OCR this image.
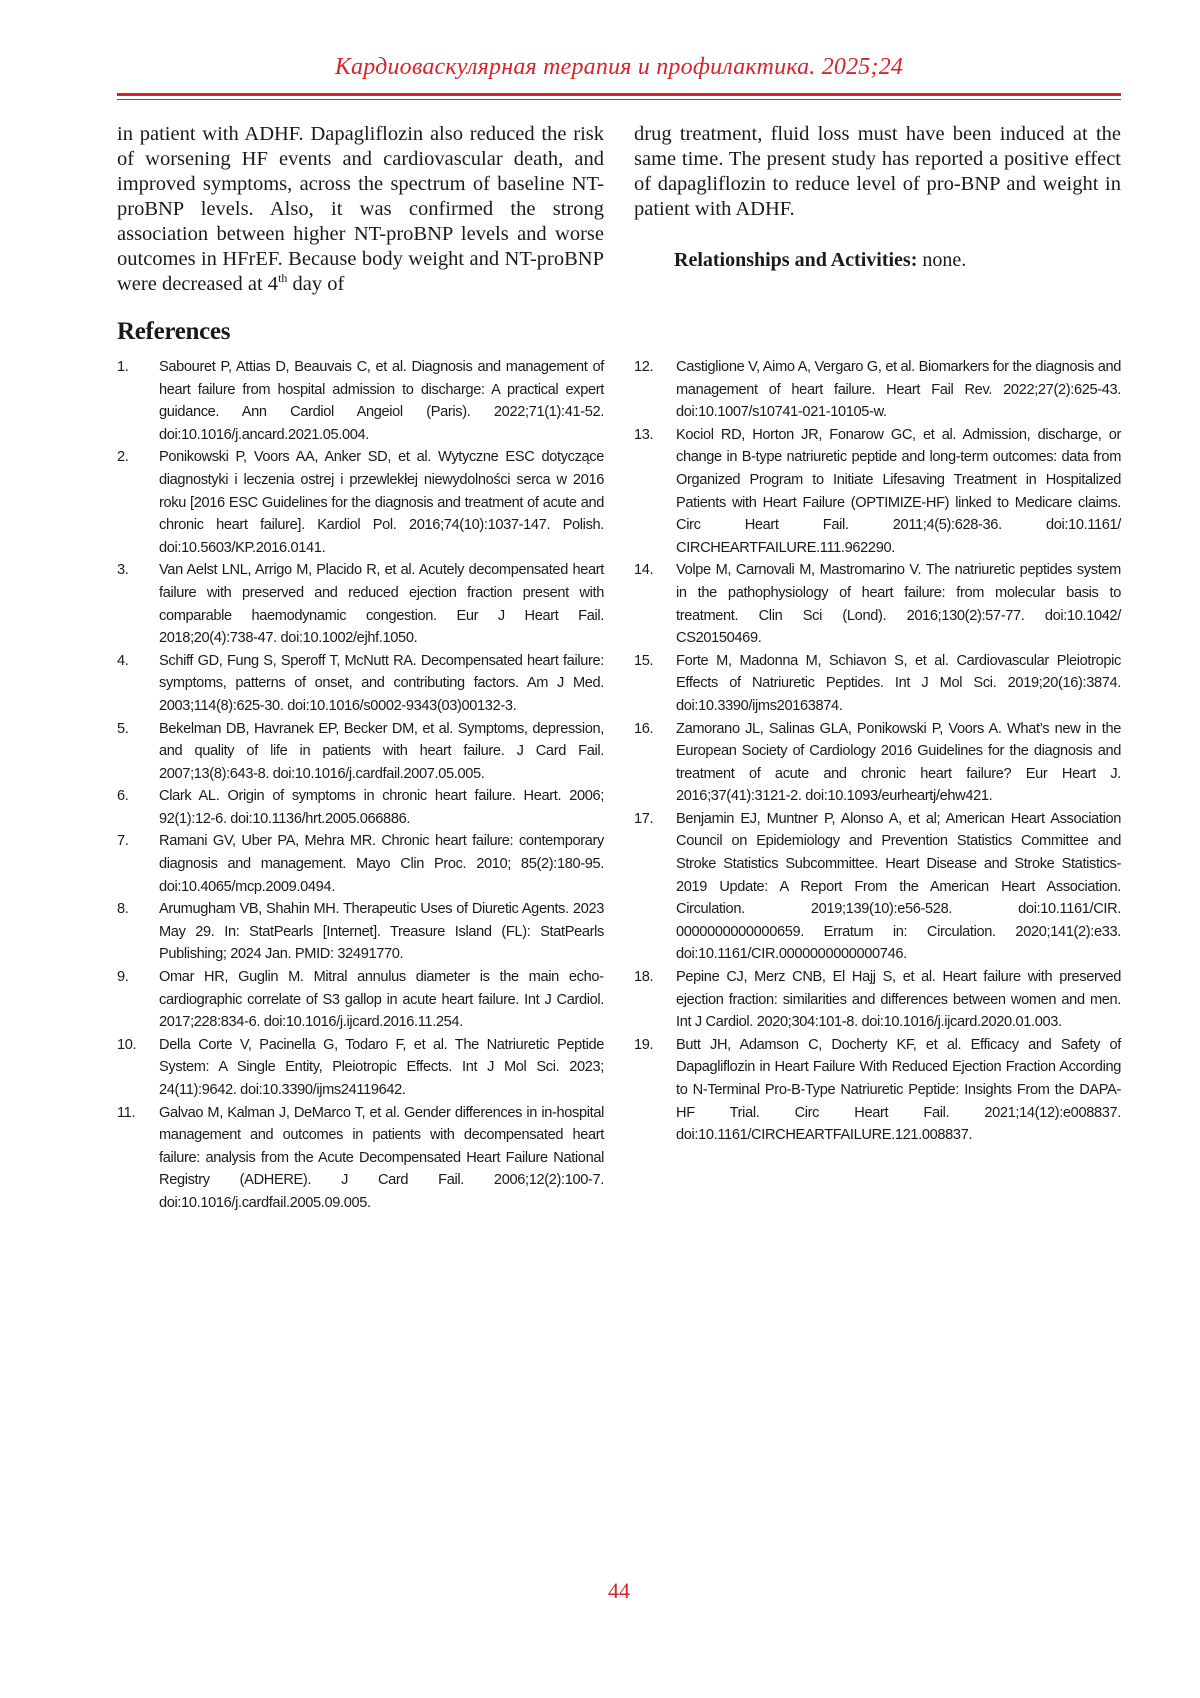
Кардиоваскулярная терапия и профилактика. 2025;24

in patient with ADHF. Dapagliflozin also reduced the risk of worsening HF events and cardiovascular death, and improved symptoms, across the spectrum of baseline NT-proBNP levels. Also, it was confirmed the strong association between higher NT-proBNP levels and worse outcomes in HFrEF. Because body weight and NT-proBNP were decreased at 4th day of

drug treatment, fluid loss must have been induced at the same time. The present study has reported a positive effect of dapagliflozin to reduce level of pro-BNP and weight in patient with ADHF.

Relationships and Activities: none.

References
1.	Sabouret P, Attias D, Beauvais C, et al. Diagnosis and management of heart failure from hospital admission to discharge: A practical expert guidance. Ann Cardiol Angeiol (Paris). 2022;71(1):41-52. doi:10.1016/j.ancard.2021.05.004.
2.	Ponikowski P, Voors AA, Anker SD, et al. Wytyczne ESC dotyczące diagnostyki i leczenia ostrej i przewlekłej niewydolności serca w 2016 roku [2016 ESC Guidelines for the diagnosis and treatment of acute and chronic heart failure]. Kardiol Pol. 2016;74(10):1037-147. Polish. doi:10.5603/KP.2016.0141.
3.	Van Aelst LNL, Arrigo M, Placido R, et al. Acutely decompensated heart failure with preserved and reduced ejection fraction present with comparable haemodynamic congestion. Eur J Heart Fail. 2018;20(4):738-47. doi:10.1002/ejhf.1050.
4.	Schiff GD, Fung S, Speroff T, McNutt RA. Decompensated heart failure: symptoms, patterns of onset, and contributing factors. Am J Med. 2003;114(8):625-30. doi:10.1016/s0002-9343(03)00132-3.
5.	Bekelman DB, Havranek EP, Becker DM, et al. Symptoms, dep­ression, and quality of life in patients with heart failure. J Card Fail. 2007;13(8):643-8. doi:10.1016/j.cardfail.2007.05.005.
6.	Clark AL. Origin of symptoms in chronic heart failure. Heart. 2006; 92(1):12-6. doi:10.1136/hrt.2005.066886.
7.	Ramani GV, Uber PA, Mehra MR. Chronic heart failure: con­temporary diagnosis and management. Mayo Clin Proc. 2010; 85(2):180-95. doi:10.4065/mcp.2009.0494.
8.	Arumugham VB, Shahin MH. Therapeutic Uses of Diuretic Agents. 2023 May 29. In: StatPearls [Internet]. Treasure Island (FL): StatPearls Publishing; 2024 Jan. PMID: 32491770.
9.	Omar HR, Guglin M. Mitral annulus diameter is the main echo­cardiographic correlate of S3 gallop in acute heart failure. Int J Car­diol. 2017;228:834-6. doi:10.1016/j.ijcard.2016.11.254.
10.	Della Corte V, Pacinella G, Todaro F, et al. The Natriuretic Peptide System: A Single Entity, Pleiotropic Effects. Int J Mol Sci. 2023; 24(11):9642. doi:10.3390/ijms24119642.
11.	Galvao M, Kalman J, DeMarco T, et al. Gender differences in in-hospital management and outcomes in patients with decompensated heart failure: analysis from the Acute Decom­pensated Heart Failure National Registry (ADHERE). J Card Fail. 2006;12(2):100-7. doi:10.1016/j.cardfail.2005.09.005.
12.	Castiglione V, Aimo A, Vergaro G, et al. Biomarkers for the diagnosis and management of heart failure. Heart Fail Rev. 2022;27(2):625-43. doi:10.1007/s10741-021-10105-w.
13.	Kociol RD, Horton JR, Fonarow GC, et al. Admission, discharge, or change in B-type natriuretic peptide and long-term outcomes: data from Organized Program to Initiate Lifesaving Treatment in Hospitalized Patients with Heart Failure (OPTIMIZE-HF) linked to Medicare claims. Circ Heart Fail. 2011;4(5):628-36. doi:10.1161/ CIRCHEARTFAILURE.111.962290.
14.	Volpe M, Carnovali M, Mastromarino V. The natriuretic peptides system in the pathophysiology of heart failure: from molecular basis to treatment. Clin Sci (Lond). 2016;130(2):57-77. doi:10.1042/ CS20150469.
15.	Forte M, Madonna M, Schiavon S, et al. Cardiovascular Pleiotropic Effects of Natriuretic Peptides. Int J Mol Sci. 2019;20(16):3874. doi:10.3390/ijms20163874.
16.	Zamorano JL, Salinas GLA, Ponikowski P, Voors A. What’s new in the European Society of Cardiology 2016 Guidelines for the diagnosis and treatment of acute and chronic heart failure? Eur Heart J. 2016;37(41):3121-2. doi:10.1093/eurheartj/ehw421.
17.	Benjamin EJ, Muntner P, Alonso A, et al; American Heart Association Council on Epidemiology and Prevention Statistics Committee and Stroke Statistics Subcommittee. Heart Disease and Stroke Sta­tistics-2019 Update: A Report From the American Heart Asso­ciation. Circulation. 2019;139(10):e56-528. doi:10.1161/CIR. 0000000000000659. Erratum in: Circulation. 2020;141(2):e33. doi:10.1161/CIR.0000000000000746.
18.	Pepine CJ, Merz CNB, El Hajj S, et al. Heart failure with preserved ejection fraction: similarities and differences between women and men. Int J Cardiol. 2020;304:101-8. doi:10.1016/j.ijcard.2020.01.003.
19.	Butt JH, Adamson C, Docherty KF, et al. Efficacy and Safety of Dapagliflozin in Heart Failure With Reduced Ejection Fraction According to N-Terminal Pro-B-Type Natriuretic Peptide: Insights From the DAPA-HF Trial. Circ Heart Fail. 2021;14(12):e008837. doi:10.1161/CIRCHEARTFAILURE.121.008837.
44
